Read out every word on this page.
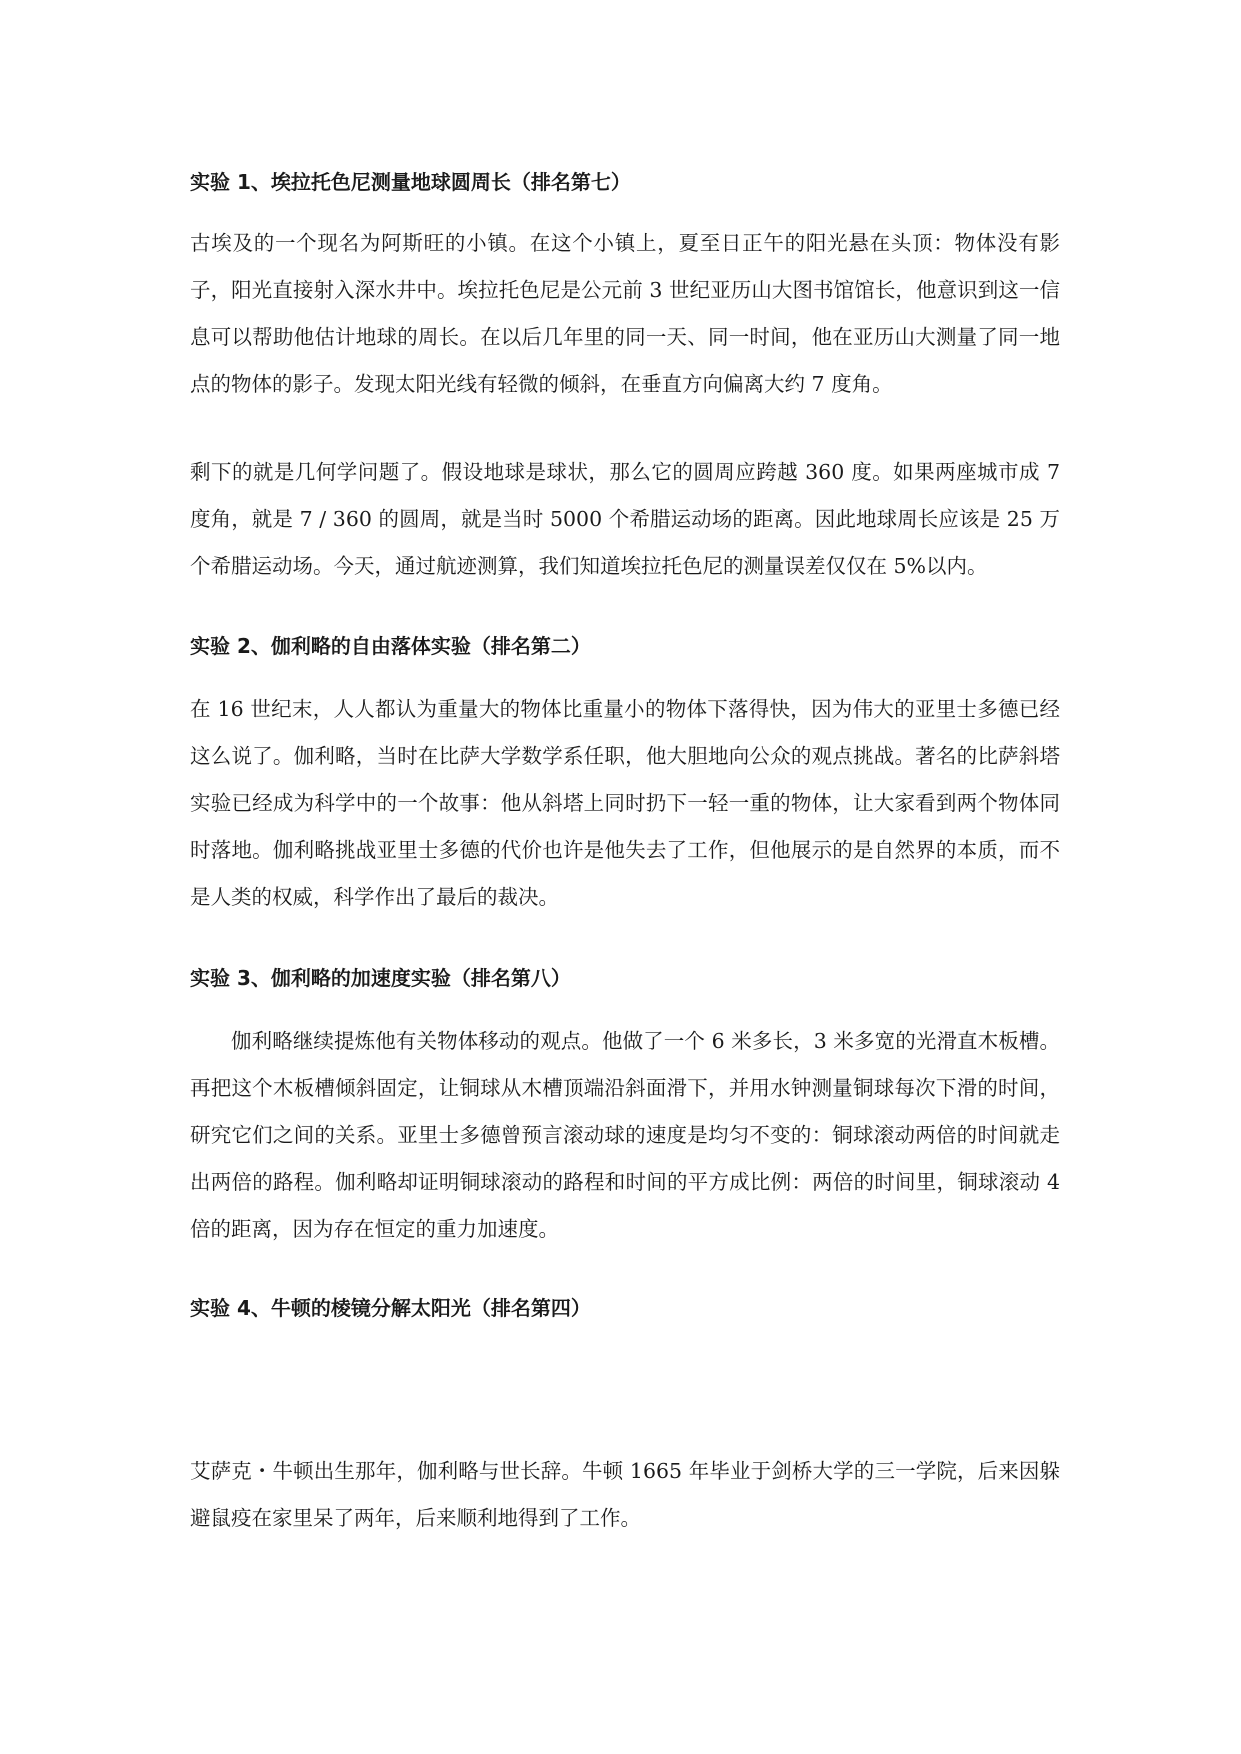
实验 1、埃拉托色尼测量地球圆周长（排名第七）

古埃及的一个现名为阿斯旺的小镇。在这个小镇上，夏至日正午的阳光悬在头顶：物体没有影子，阳光直接射入深水井中。埃拉托色尼是公元前 3 世纪亚历山大图书馆馆长，他意识到这一信息可以帮助他估计地球的周长。在以后几年里的同一天、同一时间，他在亚历山大测量了同一地点的物体的影子。发现太阳光线有轻微的倾斜，在垂直方向偏离大约 7 度角。

剩下的就是几何学问题了。假设地球是球状，那么它的圆周应跨越 360 度。如果两座城市成 7 度角，就是 7 / 360 的圆周，就是当时 5000 个希腊运动场的距离。因此地球周长应该是 25 万个希腊运动场。今天，通过航迹测算，我们知道埃拉托色尼的测量误差仅仅在 5%以内。

实验 2、伽利略的自由落体实验（排名第二）

在 16 世纪末，人人都认为重量大的物体比重量小的物体下落得快，因为伟大的亚里士多德已经这么说了。伽利略，当时在比萨大学数学系任职，他大胆地向公众的观点挑战。著名的比萨斜塔实验已经成为科学中的一个故事：他从斜塔上同时扔下一轻一重的物体，让大家看到两个物体同时落地。伽利略挑战亚里士多德的代价也许是他失去了工作，但他展示的是自然界的本质，而不是人类的权威，科学作出了最后的裁决。

实验 3、伽利略的加速度实验（排名第八）

伽利略继续提炼他有关物体移动的观点。他做了一个 6 米多长，3 米多宽的光滑直木板槽。再把这个木板槽倾斜固定，让铜球从木槽顶端沿斜面滑下，并用水钟测量铜球每次下滑的时间，研究它们之间的关系。亚里士多德曾预言滚动球的速度是均匀不变的：铜球滚动两倍的时间就走出两倍的路程。伽利略却证明铜球滚动的路程和时间的平方成比例：两倍的时间里，铜球滚动 4 倍的距离，因为存在恒定的重力加速度。

实验 4、牛顿的棱镜分解太阳光（排名第四）

艾萨克・牛顿出生那年，伽利略与世长辞。牛顿 1665 年毕业于剑桥大学的三一学院，后来因躲避鼠疫在家里呆了两年，后来顺利地得到了工作。
